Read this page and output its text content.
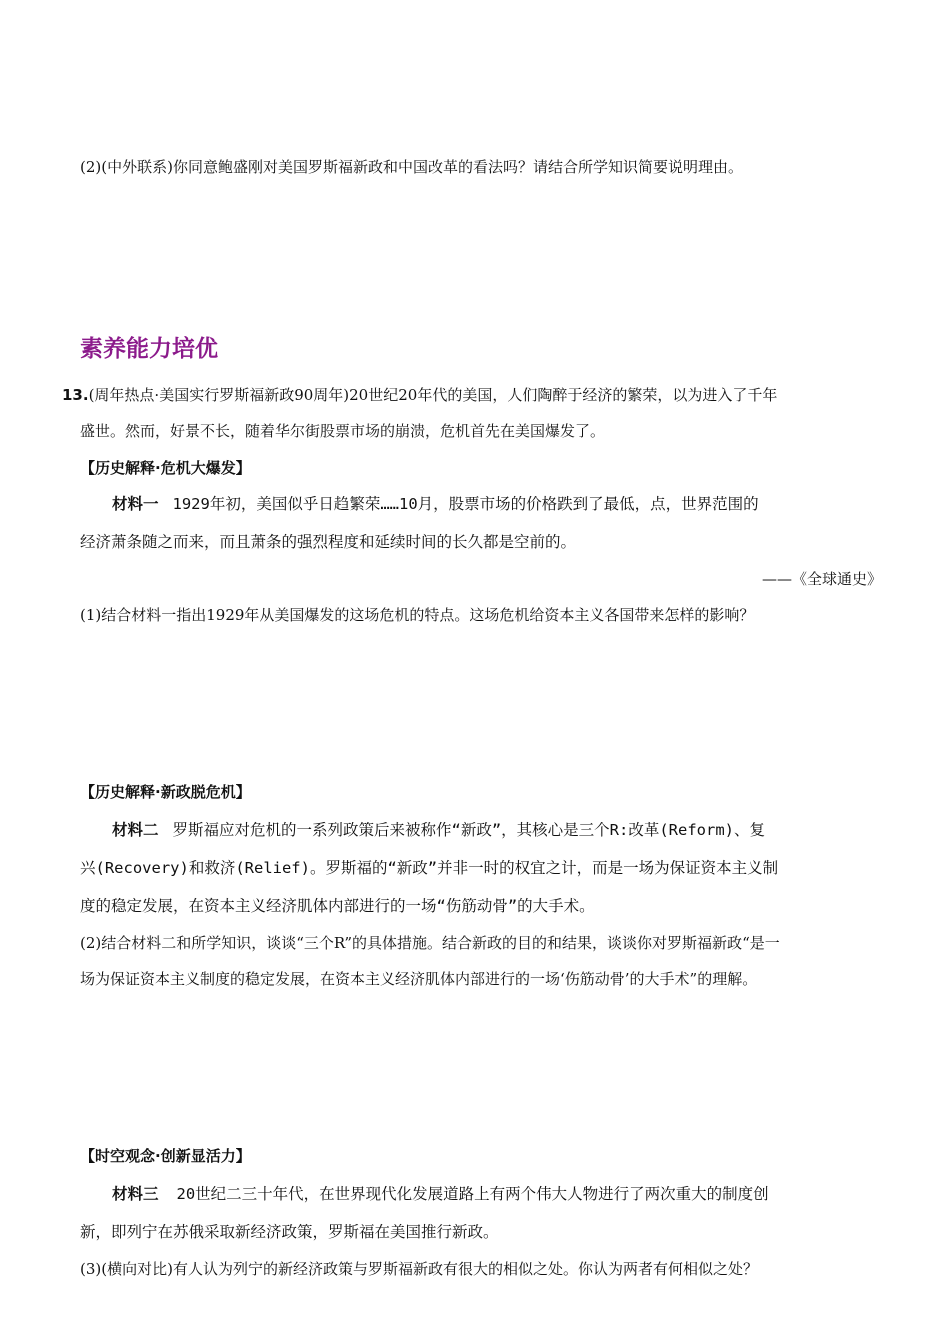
(2)(中外联系)你同意鲍盛刚对美国罗斯福新政和中国改革的看法吗？请结合所学知识简要说明理由。
素养能力培优
13.(周年热点·美国实行罗斯福新政90周年)20世纪20年代的美国，人们陶醉于经济的繁荣，以为进入了千年
盛世。然而，好景不长，随着华尔街股票市场的崩溃，危机首先在美国爆发了。
【历史解释·危机大爆发】
材料一 1929年初，美国似乎日趋繁荣……10月，股票市场的价格跌到了最低，点，世界范围的
经济萧条随之而来，而且萧条的强烈程度和延续时间的长久都是空前的。
——《全球通史》
(1)结合材料一指出1929年从美国爆发的这场危机的特点。这场危机给资本主义各国带来怎样的影响？
【历史解释·新政脱危机】
材料二 罗斯福应对危机的一系列政策后来被称作“新政”，其核心是三个R:改革(Reform)、复
兴(Recovery)和救济(Relief)。罗斯福的“新政”并非一时的权宜之计，而是一场为保证资本主义制
度的稳定发展，在资本主义经济肌体内部进行的一场“伤筋动骨”的大手术。
(2)结合材料二和所学知识，谈谈“三个R”的具体措施。结合新政的目的和结果，谈谈你对罗斯福新政“是一
场为保证资本主义制度的稳定发展，在资本主义经济肌体内部进行的一场‘伤筋动骨’的大手术”的理解。
【时空观念·创新显活力】
材料三 20世纪二三十年代，在世界现代化发展道路上有两个伟大人物进行了两次重大的制度创
新，即列宁在苏俄采取新经济政策，罗斯福在美国推行新政。
(3)(横向对比)有人认为列宁的新经济政策与罗斯福新政有很大的相似之处。你认为两者有何相似之处？
